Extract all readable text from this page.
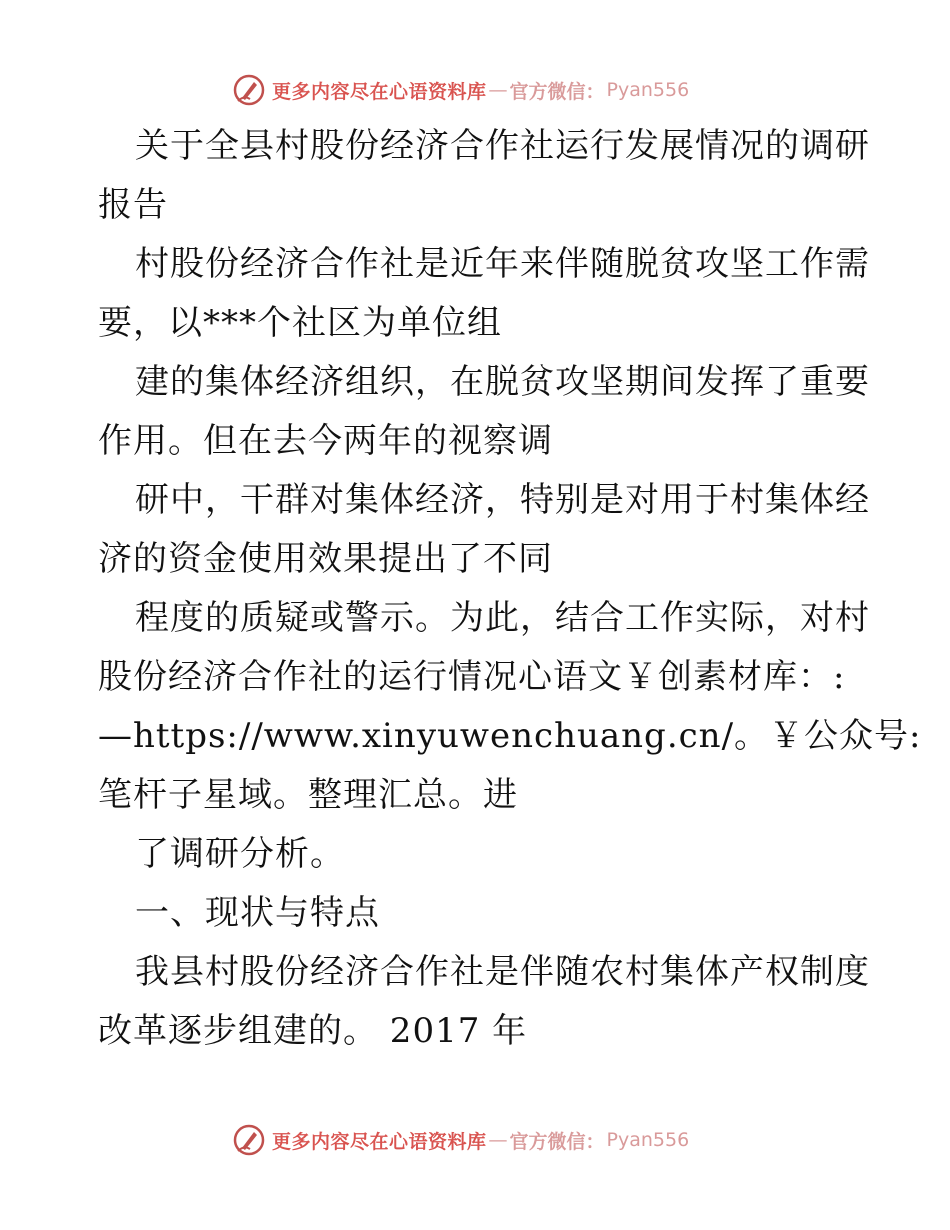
更多内容尽在心语资料库 — 官方微信： Pyan556
关于全县村股份经济合作社运行发展情况的调研
报告
村股份经济合作社是近年来伴随脱贫攻坚工作需
要，以***个社区为单位组
建的集体经济组织，在脱贫攻坚期间发挥了重要
作用。但在去今两年的视察调
研中，干群对集体经济，特别是对用于村集体经
济的资金使用效果提出了不同
程度的质疑或警示。为此，结合工作实际，对村
股份经济合作社的运行情况心语文￥创素材库：:
—https://www.xinyuwenchuang.cn/。￥公众号:
笔杆子星域。整理汇总。进
了调研分析。
一、现状与特点
我县村股份经济合作社是伴随农村集体产权制度
改革逐步组建的。 2017 年
更多内容尽在心语资料库 — 官方微信： Pyan556
